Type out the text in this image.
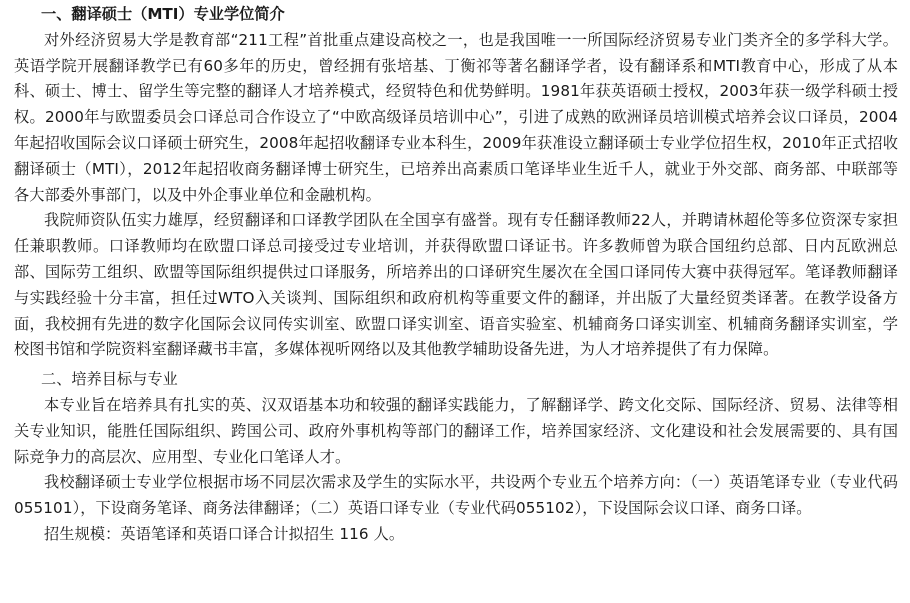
一、翻译硕士（MTI）专业学位简介

对外经济贸易大学是教育部“211工程”首批重点建设高校之一，也是我国唯一一所国际经济贸易专业门类齐全的多学科大学。英语学院开展翻译教学已有60多年的历史，曾经拥有张培基、丁衡祁等著名翻译学者，设有翻译系和MTI教育中心，形成了从本科、硕士、博士、留学生等完整的翻译人才培养模式，经贸特色和优势鲜明。1981年获英语硕士授权，2003年获一级学科硕士授权。2000年与欧盟委员会口译总司合作设立了“中欧高级译员培训中心”，引进了成熟的欧洲译员培训模式培养会议口译员，2004年起招收国际会议口译硕士研究生，2008年起招收翻译专业本科生，2009年获准设立翻译硕士专业学位招生权，2010年正式招收翻译硕士（MTI），2012年起招收商务翻译博士研究生，已培养出高素质口笔译毕业生近千人，就业于外交部、商务部、中联部等各大部委外事部门，以及中外企事业单位和金融机构。

我院师资队伍实力雄厚，经贸翻译和口译教学团队在全国享有盛誉。现有专任翻译教师22人，并聘请林超伦等多位资深专家担任兼职教师。口译教师均在欧盟口译总司接受过专业培训，并获得欧盟口译证书。许多教师曾为联合国纽约总部、日内瓦欧洲总部、国际劳工组织、欧盟等国际组织提供过口译服务，所培养出的口译研究生屡次在全国口译同传大赛中获得冠军。笔译教师翻译与实践经验十分丰富，担任过WTO入关谈判、国际组织和政府机构等重要文件的翻译，并出版了大量经贸类译著。在教学设备方面，我校拥有先进的数字化国际会议同传实训室、欧盟口译实训室、语音实验室、机辅商务口译实训室、机辅商务翻译实训室，学校图书馆和学院资料室翻译藏书丰富，多媒体视听网络以及其他教学辅助设备先进，为人才培养提供了有力保障。

二、培养目标与专业

本专业旨在培养具有扎实的英、汉双语基本功和较强的翻译实践能力，了解翻译学、跨文化交际、国际经济、贸易、法律等相关专业知识，能胜任国际组织、跨国公司、政府外事机构等部门的翻译工作，培养国家经济、文化建设和社会发展需要的、具有国际竞争力的高层次、应用型、专业化口笔译人才。

我校翻译硕士专业学位根据市场不同层次需求及学生的实际水平，共设两个专业五个培养方向：（一）英语笔译专业（专业代码055101），下设商务笔译、商务法律翻译；（二）英语口译专业（专业代码055102），下设国际会议口译、商务口译。

招生规模：英语笔译和英语口译合计拟招生 116 人。
